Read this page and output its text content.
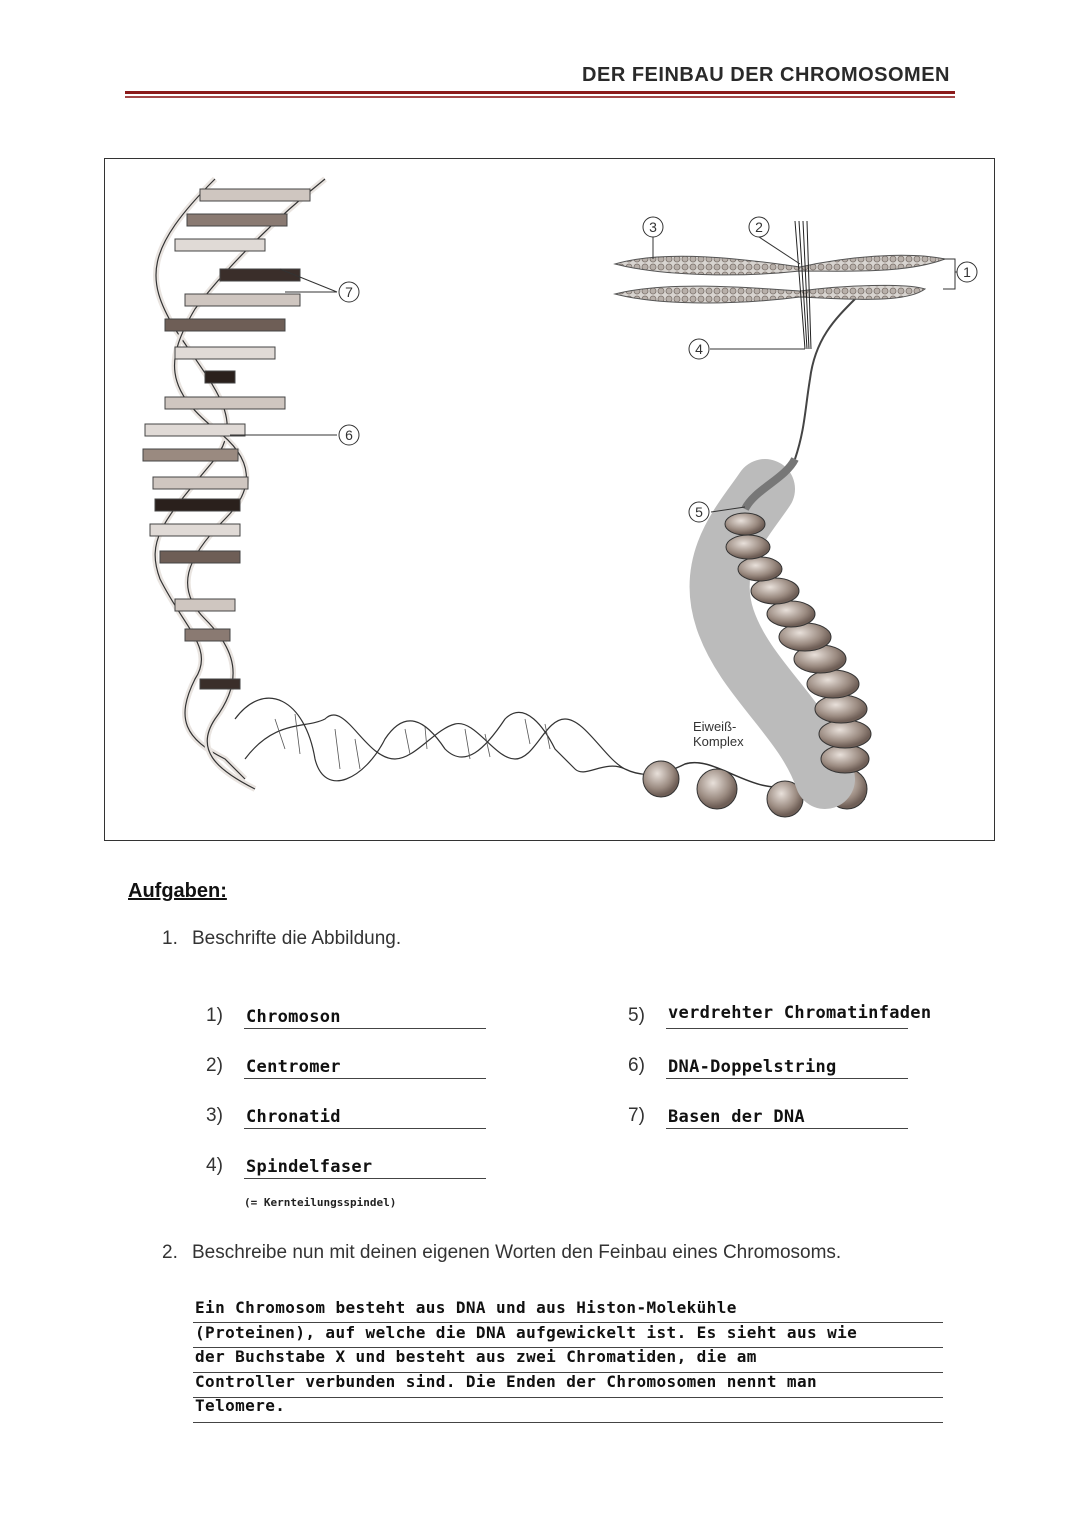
DER FEINBAU DER CHROMOSOMEN
1
2
3
4
5
6
7
Eiweiß-
Komplex
Aufgaben:
1. Beschrifte die Abbildung.
1) Chromoson
2) Centromer
3) Chronatid
4) Spindelfaser
(= Kernteilungsspindel)
5) verdrehter Chromatinfaden
6) DNA-Doppelstring
7) Basen der DNA
2. Beschreibe nun mit deinen eigenen Worten den Feinbau eines Chromosoms.
Ein Chromosom besteht aus DNA und aus Histon-Molekühle
(Proteinen), auf welche die DNA aufgewickelt ist. Es sieht aus wie
der Buchstabe X und besteht aus zwei Chromatiden, die am
Controller verbunden sind. Die Enden der Chromosomen nennt man
Telomere.
